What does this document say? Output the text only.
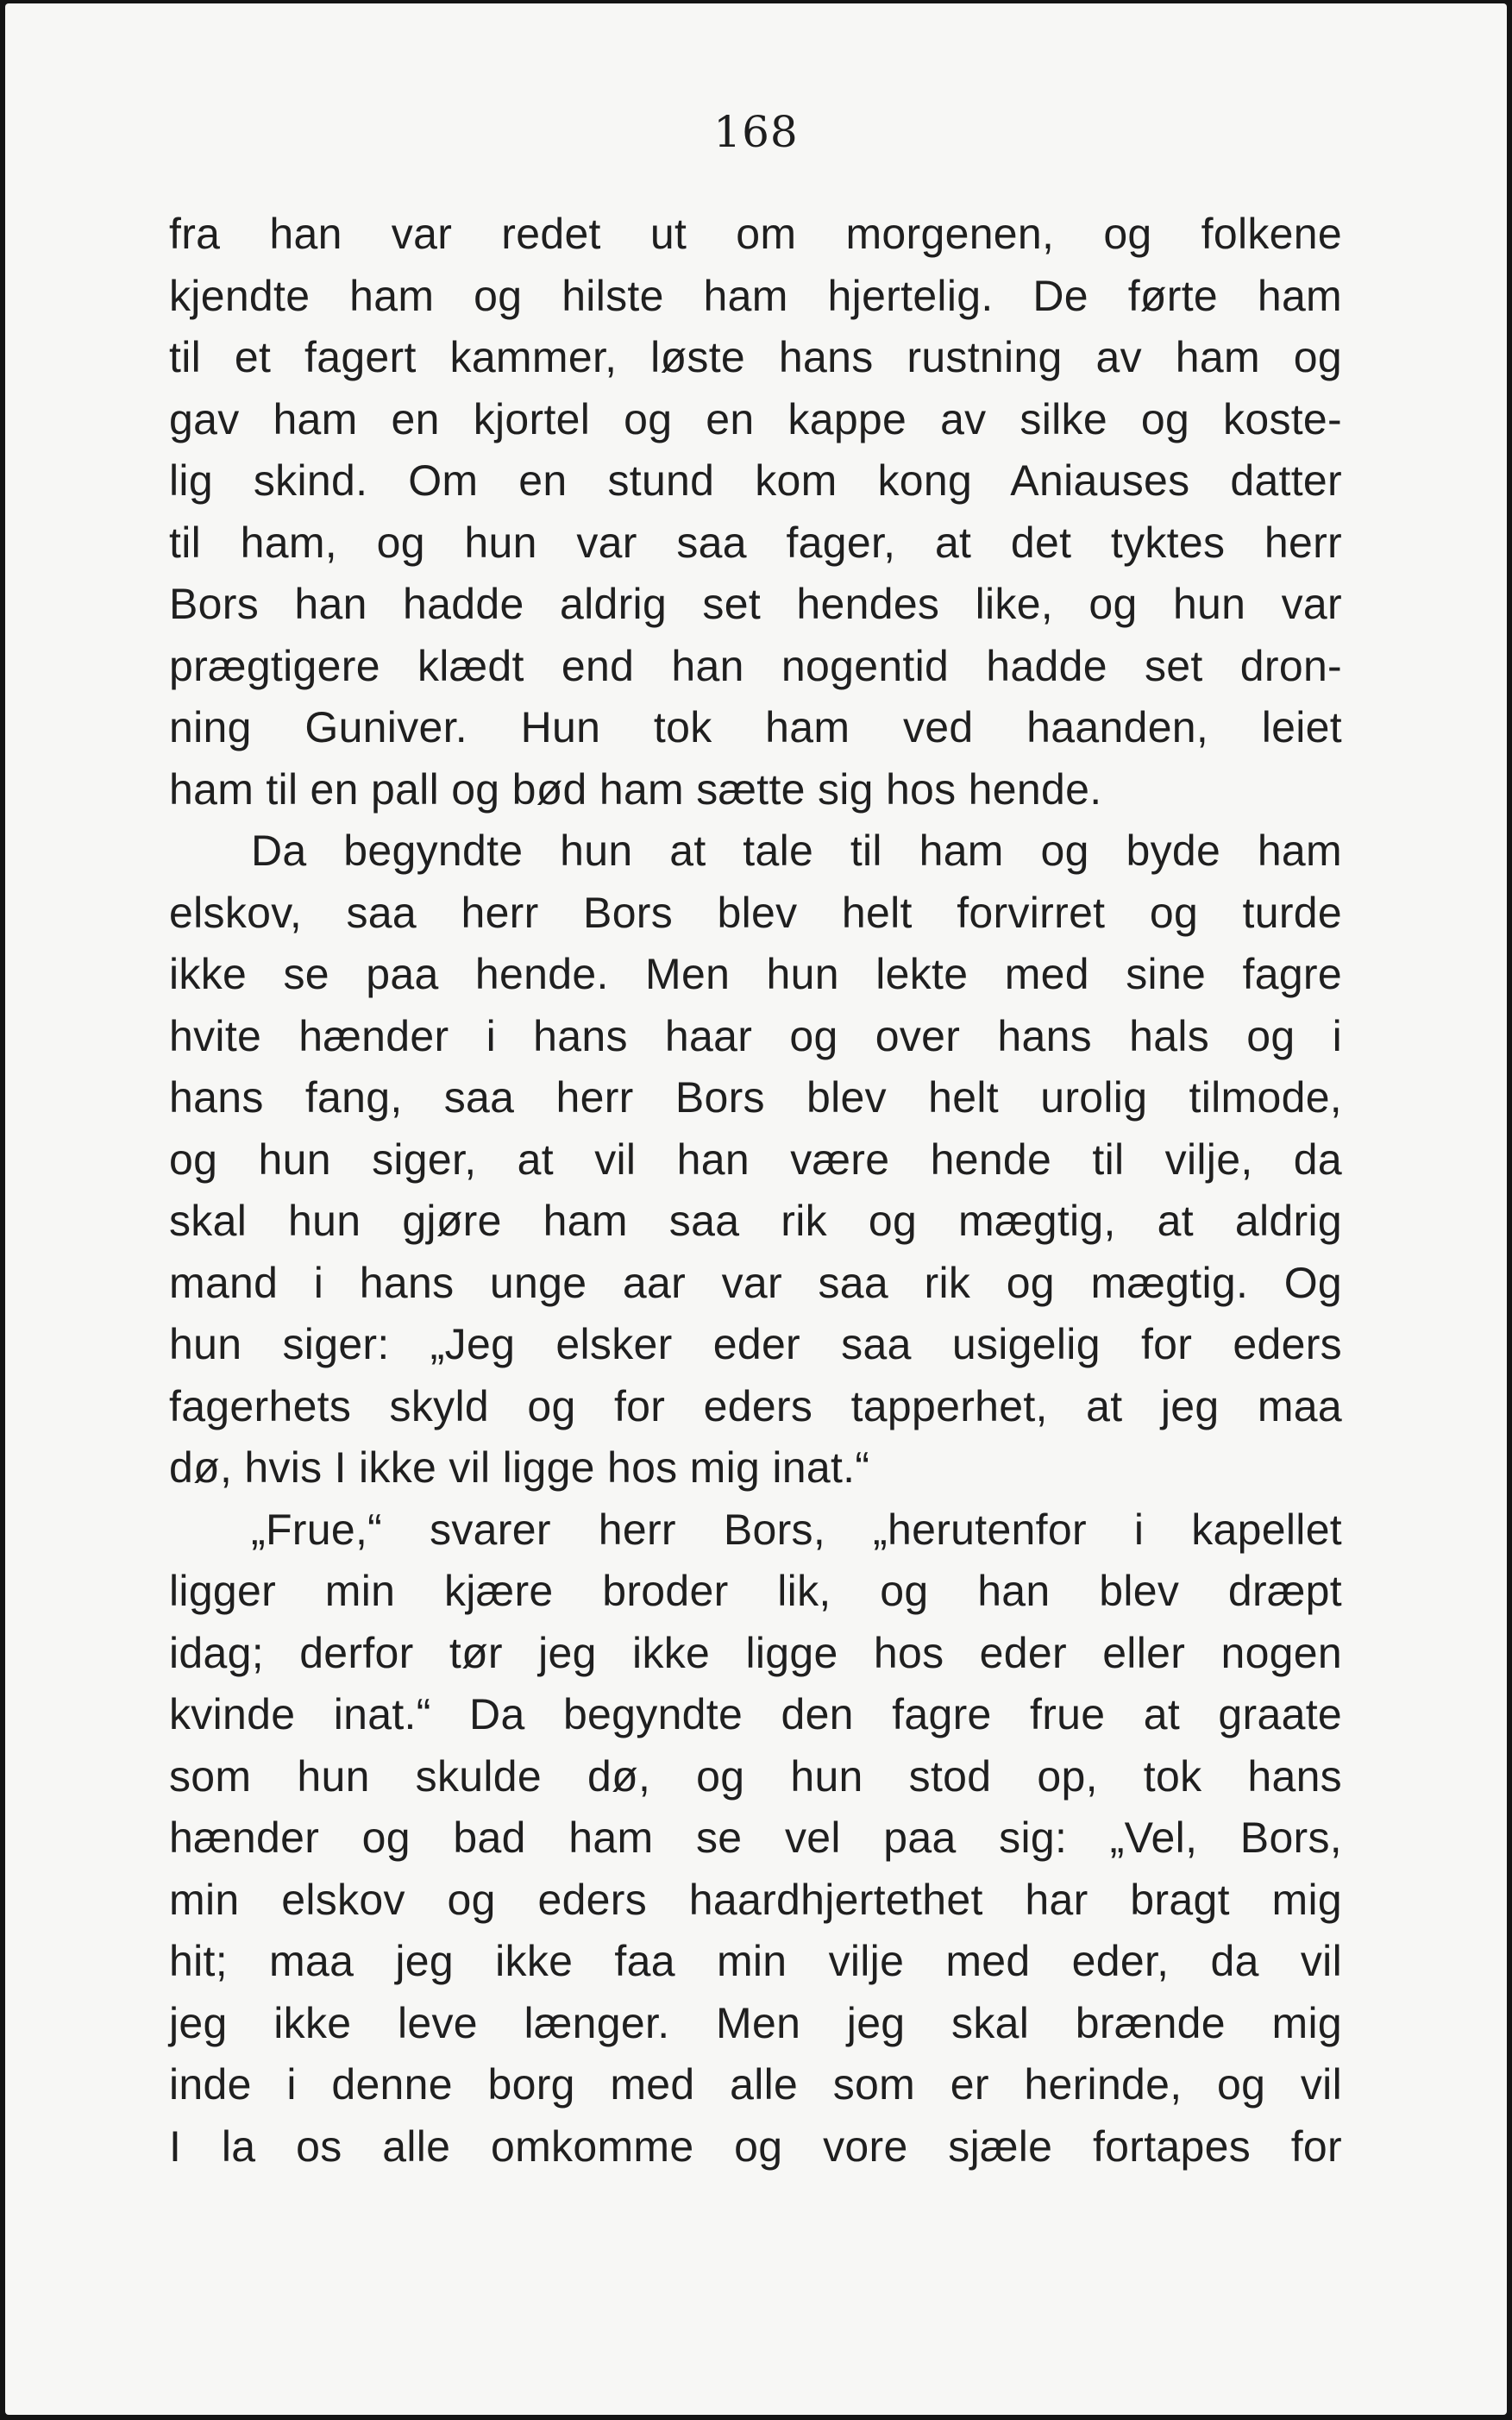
168
fra han var redet ut om morgenen, og folkene
kjendte ham og hilste ham hjertelig. De førte ham
til et fagert kammer, løste hans rustning av ham og
gav ham en kjortel og en kappe av silke og koste-
lig skind. Om en stund kom kong Aniauses datter
til ham, og hun var saa fager, at det tyktes herr
Bors han hadde aldrig set hendes like, og hun var
prægtigere klædt end han nogentid hadde set dron-
ning Guniver. Hun tok ham ved haanden, leiet
ham til en pall og bød ham sætte sig hos hende.
Da begyndte hun at tale til ham og byde ham
elskov, saa herr Bors blev helt forvirret og turde
ikke se paa hende. Men hun lekte med sine fagre
hvite hænder i hans haar og over hans hals og i
hans fang, saa herr Bors blev helt urolig tilmode,
og hun siger, at vil han være hende til vilje, da
skal hun gjøre ham saa rik og mægtig, at aldrig
mand i hans unge aar var saa rik og mægtig. Og
hun siger: „Jeg elsker eder saa usigelig for eders
fagerhets skyld og for eders tapperhet, at jeg maa
dø, hvis I ikke vil ligge hos mig inat.“
„Frue,“ svarer herr Bors, „herutenfor i kapellet
ligger min kjære broder lik, og han blev dræpt
idag; derfor tør jeg ikke ligge hos eder eller nogen
kvinde inat.“ Da begyndte den fagre frue at graate
som hun skulde dø, og hun stod op, tok hans
hænder og bad ham se vel paa sig: „Vel, Bors,
min elskov og eders haardhjertethet har bragt mig
hit; maa jeg ikke faa min vilje med eder, da vil
jeg ikke leve længer. Men jeg skal brænde mig
inde i denne borg med alle som er herinde, og vil
I la os alle omkomme og vore sjæle fortapes for
